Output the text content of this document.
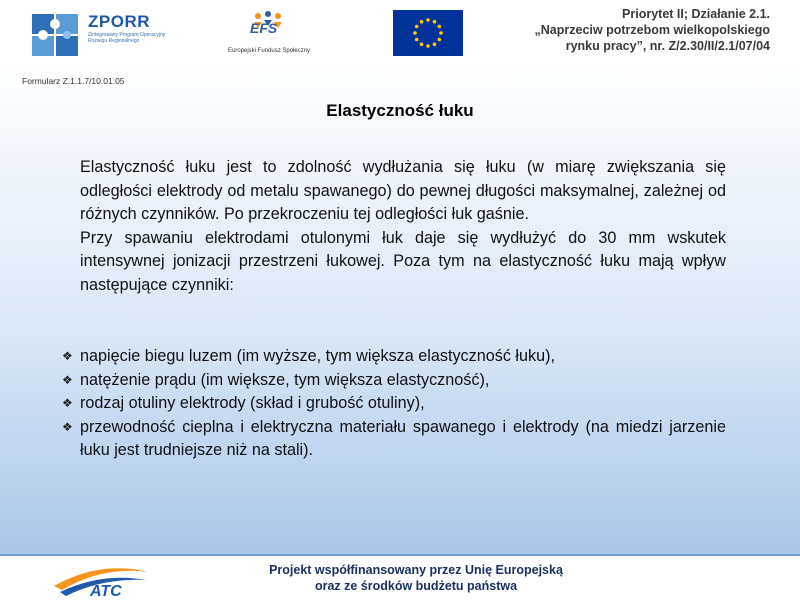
ZPORR
Zintegrowany Program Operacyjny Rozwoju Regionalnego
EFS
Europejski Fundusz Społeczny
Priorytet II; Działanie 2.1.
„Naprzeciw potrzebom wielkopolskiego
rynku pracy”, nr. Z/2.30/II/2.1/07/04
Formularz Z.1.1.7/10.01.05
Elastyczność łuku

Elastyczność łuku jest to zdolność wydłużania się łuku (w miarę zwiększania się odległości elektrody od metalu spawanego) do pewnej długości maksymalnej, zależnej od różnych czynników. Po przekroczeniu tej odległości łuk gaśnie.

Przy spawaniu elektrodami otulonymi łuk daje się wydłużyć do 30 mm wskutek intensywnej jonizacji przestrzeni łukowej. Poza tym na elastyczność łuku mają wpływ następujące czynniki:

❖ napięcie biegu luzem (im wyższe, tym większa elastyczność łuku),
❖ natężenie prądu (im większe, tym większa elastyczność),
❖ rodzaj otuliny elektrody (skład i grubość otuliny),
❖ przewodność cieplna i elektryczna materiału spawanego i elektrody (na miedzi jarzenie łuku jest trudniejsze niż na stali).
ATC
Projekt współfinansowany przez Unię Europejską
oraz ze środków budżetu państwa
